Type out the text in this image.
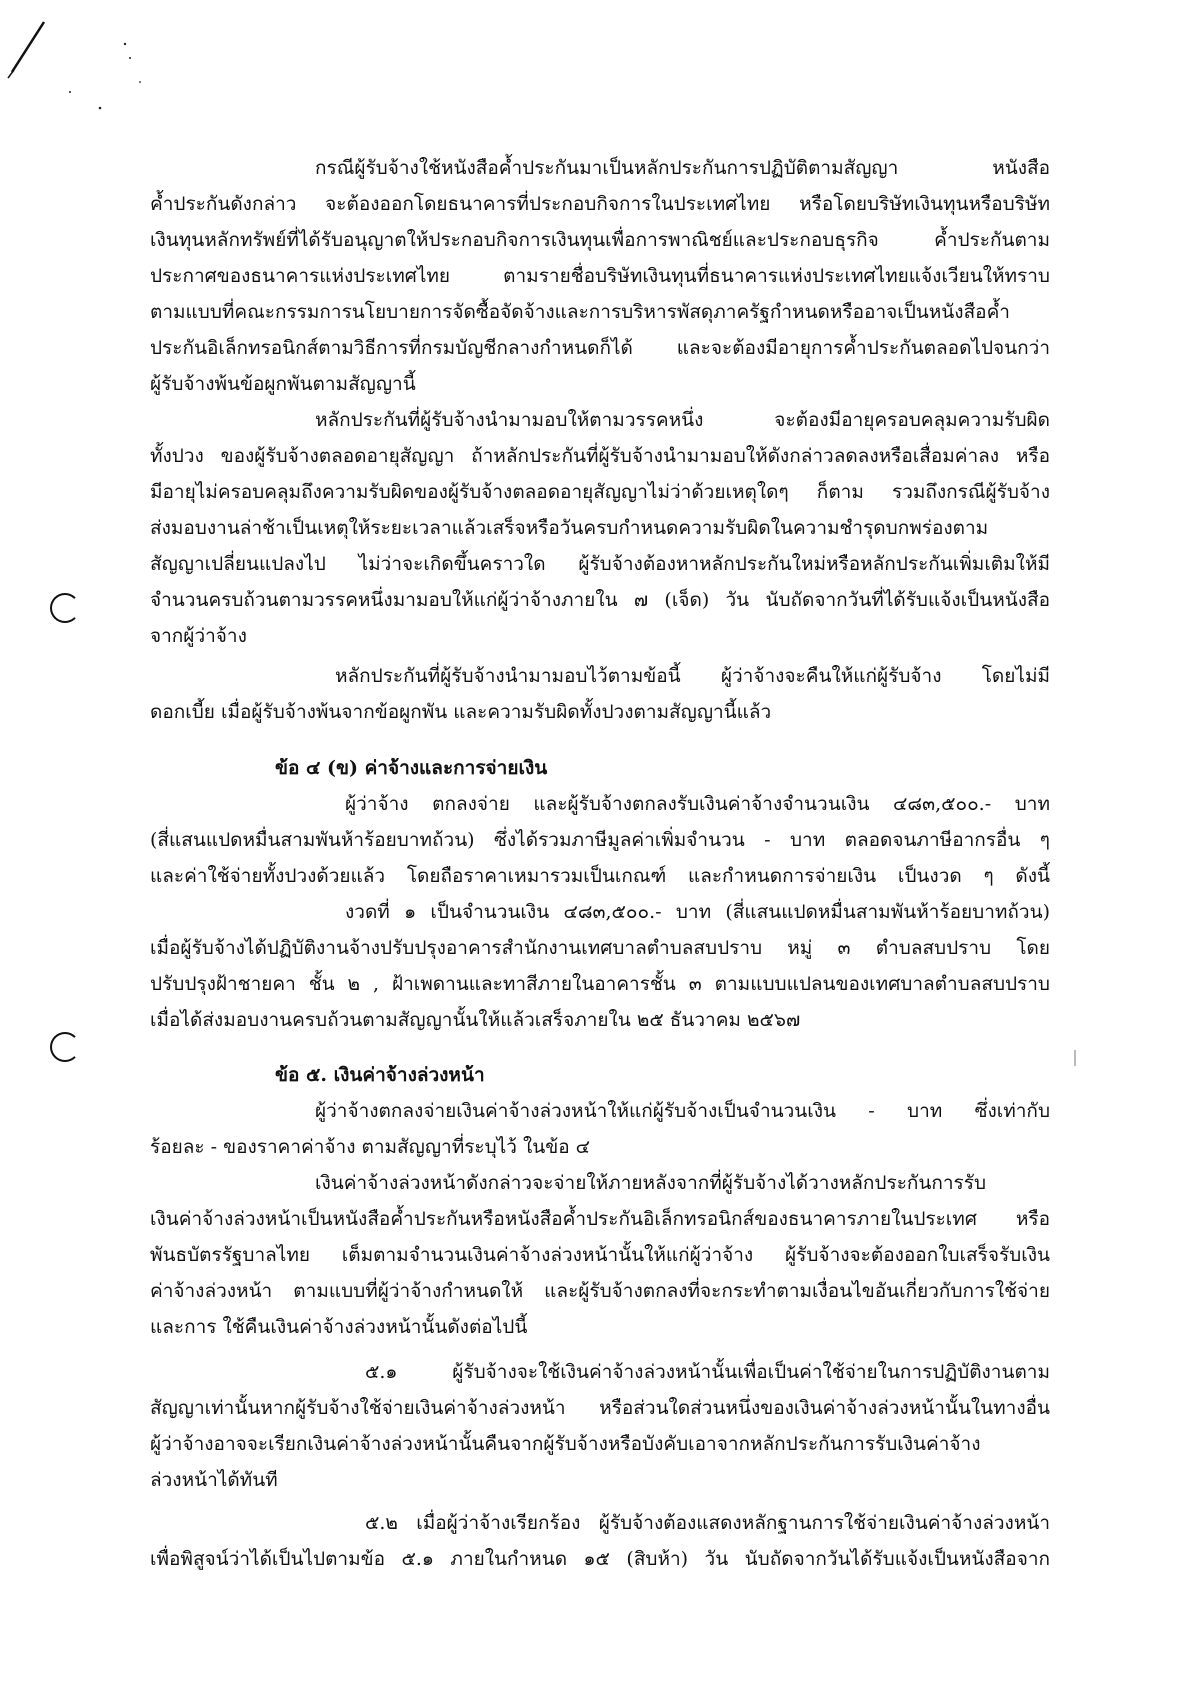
กรณีผู้รับจ้างใช้หนังสือค้ำประกันมาเป็นหลักประกันการปฏิบัติตามสัญญา หนังสือ
ค้ำประกันดังกล่าว จะต้องออกโดยธนาคารที่ประกอบกิจการในประเทศไทย หรือโดยบริษัทเงินทุนหรือบริษัท
เงินทุนหลักทรัพย์ที่ได้รับอนุญาตให้ประกอบกิจการเงินทุนเพื่อการพาณิชย์และประกอบธุรกิจ ค้ำประกันตาม
ประกาศของธนาคารแห่งประเทศไทย ตามรายชื่อบริษัทเงินทุนที่ธนาคารแห่งประเทศไทยแจ้งเวียนให้ทราบ
ตามแบบที่คณะกรรมการนโยบายการจัดซื้อจัดจ้างและการบริหารพัสดุภาครัฐกำหนดหรืออาจเป็นหนังสือค้ำ
ประกันอิเล็กทรอนิกส์ตามวิธีการที่กรมบัญชีกลางกำหนดก็ได้ และจะต้องมีอายุการค้ำประกันตลอดไปจนกว่า
ผู้รับจ้างพ้นข้อผูกพันตามสัญญานี้
หลักประกันที่ผู้รับจ้างนำมามอบให้ตามวรรคหนึ่ง จะต้องมีอายุครอบคลุมความรับผิด
ทั้งปวง ของผู้รับจ้างตลอดอายุสัญญา ถ้าหลักประกันที่ผู้รับจ้างนำมามอบให้ดังกล่าวลดลงหรือเสื่อมค่าลง หรือ
มีอายุไม่ครอบคลุมถึงความรับผิดของผู้รับจ้างตลอดอายุสัญญาไม่ว่าด้วยเหตุใดๆ ก็ตาม รวมถึงกรณีผู้รับจ้าง
ส่งมอบงานล่าช้าเป็นเหตุให้ระยะเวลาแล้วเสร็จหรือวันครบกำหนดความรับผิดในความชำรุดบกพร่องตาม
สัญญาเปลี่ยนแปลงไป ไม่ว่าจะเกิดขึ้นคราวใด ผู้รับจ้างต้องหาหลักประกันใหม่หรือหลักประกันเพิ่มเติมให้มี
จำนวนครบถ้วนตามวรรคหนึ่งมามอบให้แก่ผู้ว่าจ้างภายใน ๗ (เจ็ด) วัน นับถัดจากวันที่ได้รับแจ้งเป็นหนังสือ
จากผู้ว่าจ้าง
หลักประกันที่ผู้รับจ้างนำมามอบไว้ตามข้อนี้ ผู้ว่าจ้างจะคืนให้แก่ผู้รับจ้าง โดยไม่มี
ดอกเบี้ย เมื่อผู้รับจ้างพ้นจากข้อผูกพัน และความรับผิดทั้งปวงตามสัญญานี้แล้ว
ข้อ ๔ (ข) ค่าจ้างและการจ่ายเงิน
ผู้ว่าจ้าง ตกลงจ่าย และผู้รับจ้างตกลงรับเงินค่าจ้างจำนวนเงิน ๔๘๓,๕๐๐.- บาท
(สี่แสนแปดหมื่นสามพันห้าร้อยบาทถ้วน) ซึ่งได้รวมภาษีมูลค่าเพิ่มจำนวน - บาท ตลอดจนภาษีอากรอื่น ๆ
และค่าใช้จ่ายทั้งปวงด้วยแล้ว โดยถือราคาเหมารวมเป็นเกณฑ์ และกำหนดการจ่ายเงิน เป็นงวด ๆ ดังนี้
งวดที่ ๑ เป็นจำนวนเงิน ๔๘๓,๕๐๐.- บาท (สี่แสนแปดหมื่นสามพันห้าร้อยบาทถ้วน)
เมื่อผู้รับจ้างได้ปฏิบัติงานจ้างปรับปรุงอาคารสำนักงานเทศบาลตำบลสบปราบ หมู่ ๓ ตำบลสบปราบ โดย
ปรับปรุงฝ้าชายคา ชั้น ๒ , ฝ้าเพดานและทาสีภายในอาคารชั้น ๓ ตามแบบแปลนของเทศบาลตำบลสบปราบ
เมื่อได้ส่งมอบงานครบถ้วนตามสัญญานั้นให้แล้วเสร็จภายใน ๒๕ ธันวาคม ๒๕๖๗
ข้อ ๕. เงินค่าจ้างล่วงหน้า
ผู้ว่าจ้างตกลงจ่ายเงินค่าจ้างล่วงหน้าให้แก่ผู้รับจ้างเป็นจำนวนเงิน - บาท ซึ่งเท่ากับ
ร้อยละ - ของราคาค่าจ้าง ตามสัญญาที่ระบุไว้ ในข้อ ๔
เงินค่าจ้างล่วงหน้าดังกล่าวจะจ่ายให้ภายหลังจากที่ผู้รับจ้างได้วางหลักประกันการรับ
เงินค่าจ้างล่วงหน้าเป็นหนังสือค้ำประกันหรือหนังสือค้ำประกันอิเล็กทรอนิกส์ของธนาคารภายในประเทศ หรือ
พันธบัตรรัฐบาลไทย เต็มตามจำนวนเงินค่าจ้างล่วงหน้านั้นให้แก่ผู้ว่าจ้าง ผู้รับจ้างจะต้องออกใบเสร็จรับเงิน
ค่าจ้างล่วงหน้า ตามแบบที่ผู้ว่าจ้างกำหนดให้ และผู้รับจ้างตกลงที่จะกระทำตามเงื่อนไขอันเกี่ยวกับการใช้จ่าย
และการ ใช้คืนเงินค่าจ้างล่วงหน้านั้นดังต่อไปนี้
๕.๑ ผู้รับจ้างจะใช้เงินค่าจ้างล่วงหน้านั้นเพื่อเป็นค่าใช้จ่ายในการปฏิบัติงานตาม
สัญญาเท่านั้นหากผู้รับจ้างใช้จ่ายเงินค่าจ้างล่วงหน้า หรือส่วนใดส่วนหนึ่งของเงินค่าจ้างล่วงหน้านั้นในทางอื่น
ผู้ว่าจ้างอาจจะเรียกเงินค่าจ้างล่วงหน้านั้นคืนจากผู้รับจ้างหรือบังคับเอาจากหลักประกันการรับเงินค่าจ้าง
ล่วงหน้าได้ทันที
๕.๒ เมื่อผู้ว่าจ้างเรียกร้อง ผู้รับจ้างต้องแสดงหลักฐานการใช้จ่ายเงินค่าจ้างล่วงหน้า
เพื่อพิสูจน์ว่าได้เป็นไปตามข้อ ๕.๑ ภายในกำหนด ๑๕ (สิบห้า) วัน นับถัดจากวันได้รับแจ้งเป็นหนังสือจาก
